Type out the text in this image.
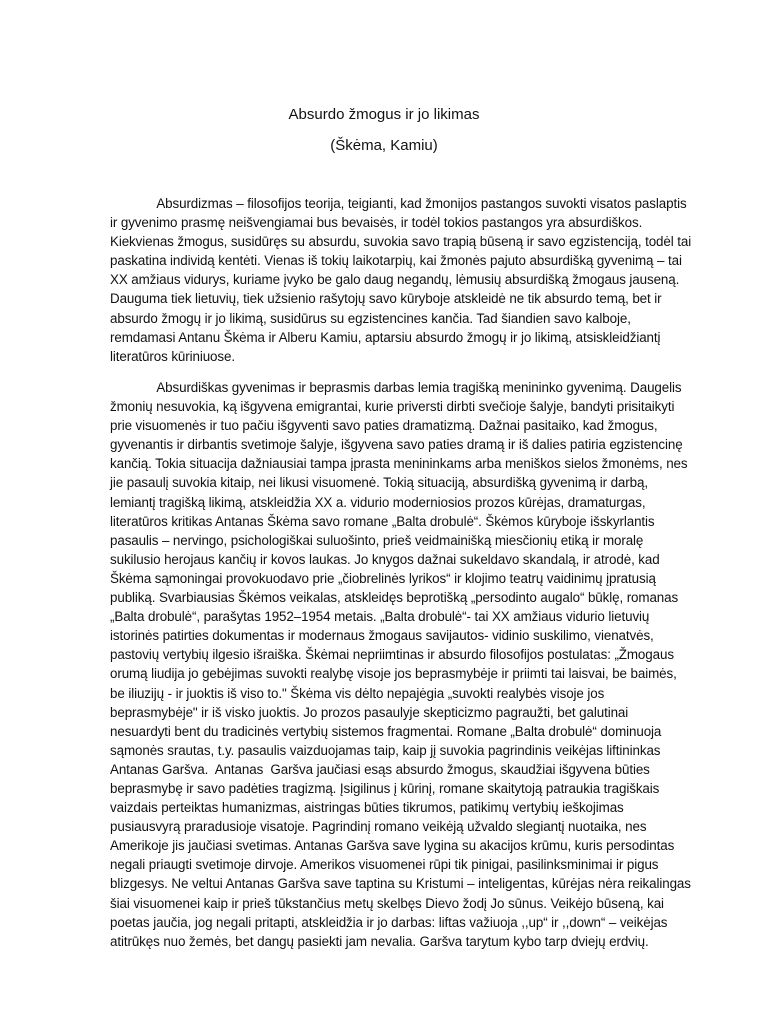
Absurdo žmogus ir jo likimas
(Škėma, Kamiu)
Absurdizmas – filosofijos teorija, teigianti, kad žmonijos pastangos suvokti visatos paslaptis
ir gyvenimo prasmę neišvengiamai bus bevaisės, ir todėl tokios pastangos yra absurdiškos.
Kiekvienas žmogus, susidūręs su absurdu, suvokia savo trapią būseną ir savo egzistenciją, todėl tai
paskatina individą kentėti. Vienas iš tokių laikotarpių, kai žmonės pajuto absurdišką gyvenimą – tai
XX amžiaus vidurys, kuriame įvyko be galo daug negandų, lėmusių absurdišką žmogaus jauseną.
Dauguma tiek lietuvių, tiek užsienio rašytojų savo kūryboje atskleidė ne tik absurdo temą, bet ir
absurdo žmogų ir jo likimą, susidūrus su egzistencines kančia. Tad šiandien savo kalboje,
remdamasi Antanu Škėma ir Alberu Kamiu, aptarsiu absurdo žmogų ir jo likimą, atsiskleidžiantį
literatūros kūriniuose.
Absurdiškas gyvenimas ir beprasmis darbas lemia tragišką menininko gyvenimą. Daugelis
žmonių nesuvokia, ką išgyvena emigrantai, kurie priversti dirbti svečioje šalyje, bandyti prisitaikyti
prie visuomenės ir tuo pačiu išgyventi savo paties dramatizmą. Dažnai pasitaiko, kad žmogus,
gyvenantis ir dirbantis svetimoje šalyje, išgyvena savo paties dramą ir iš dalies patiria egzistencinę
kančią. Tokia situacija dažniausiai tampa įprasta menininkams arba meniškos sielos žmonėms, nes
jie pasaulį suvokia kitaip, nei likusi visuomenė. Tokią situaciją, absurdišką gyvenimą ir darbą,
lemiantį tragišką likimą, atskleidžia XX a. vidurio moderniosios prozos kūrėjas, dramaturgas,
literatūros kritikas Antanas Škėma savo romane „Balta drobulė“. Škėmos kūryboje išskyrlantis
pasaulis – nervingo, psichologiškai suluošinto, prieš veidmainišką miesčionių etiką ir moralę
sukilusio herojaus kančių ir kovos laukas. Jo knygos dažnai sukeldavo skandalą, ir atrodė, kad
Škėma sąmoningai provokuodavo prie „čiobrelinės lyrikos“ ir klojimo teatrų vaidinimų įpratusią
publiką. Svarbiausias Škėmos veikalas, atskleidęs beprotišką „persodinto augalo“ būklę, romanas
„Balta drobulė“, parašytas 1952–1954 metais. „Balta drobulė“- tai XX amžiaus vidurio lietuvių
istorinės patirties dokumentas ir modernaus žmogaus savijautos- vidinio suskilimo, vienatvės,
pastovių vertybių ilgesio išraiška. Škėmai nepriimtinas ir absurdo filosofijos postulatas: „Žmogaus
orumą liudija jo gebėjimas suvokti realybę visoje jos beprasmybėje ir priimti tai laisvai, be baimės,
be iliuzijų - ir juoktis iš viso to." Škėma vis dėlto nepajėgia „suvokti realybės visoje jos
beprasmybėje" ir iš visko juoktis. Jo prozos pasaulyje skepticizmo pagraužti, bet galutinai
nesuardyti bent du tradicinės vertybių sistemos fragmentai. Romane „Balta drobulė“ dominuoja
sąmonės srautas, t.y. pasaulis vaizduojamas taip, kaip jį suvokia pagrindinis veikėjas liftininkas
Antanas Garšva.  Antanas  Garšva jaučiasi esąs absurdo žmogus, skaudžiai išgyvena būties
beprasmybę ir savo padėties tragizmą. Įsigilinus į kūrinį, romane skaitytoją patraukia tragiškais
vaizdais perteiktas humanizmas, aistringas būties tikrumos, patikimų vertybių ieškojimas
pusiausvyrą praradusioje visatoje. Pagrindinį romano veikėją užvaldo slegiantį nuotaika, nes
Amerikoje jis jaučiasi svetimas. Antanas Garšva save lygina su akacijos krūmu, kuris persodintas
negali priaugti svetimoje dirvoje. Amerikos visuomenei rūpi tik pinigai, pasilinksminimai ir pigus
blizgesys. Ne veltui Antanas Garšva save taptina su Kristumi – inteligentas, kūrėjas nėra reikalingas
šiai visuomenei kaip ir prieš tūkstančius metų skelbęs Dievo žodį Jo sūnus. Veikėjo būseną, kai
poetas jaučia, jog negali pritapti, atskleidžia ir jo darbas: liftas važiuoja ,,up“ ir ,,down“ – veikėjas
atitrūkęs nuo žemės, bet dangų pasiekti jam nevalia. Garšva tarytum kybo tarp dviejų erdvių.
